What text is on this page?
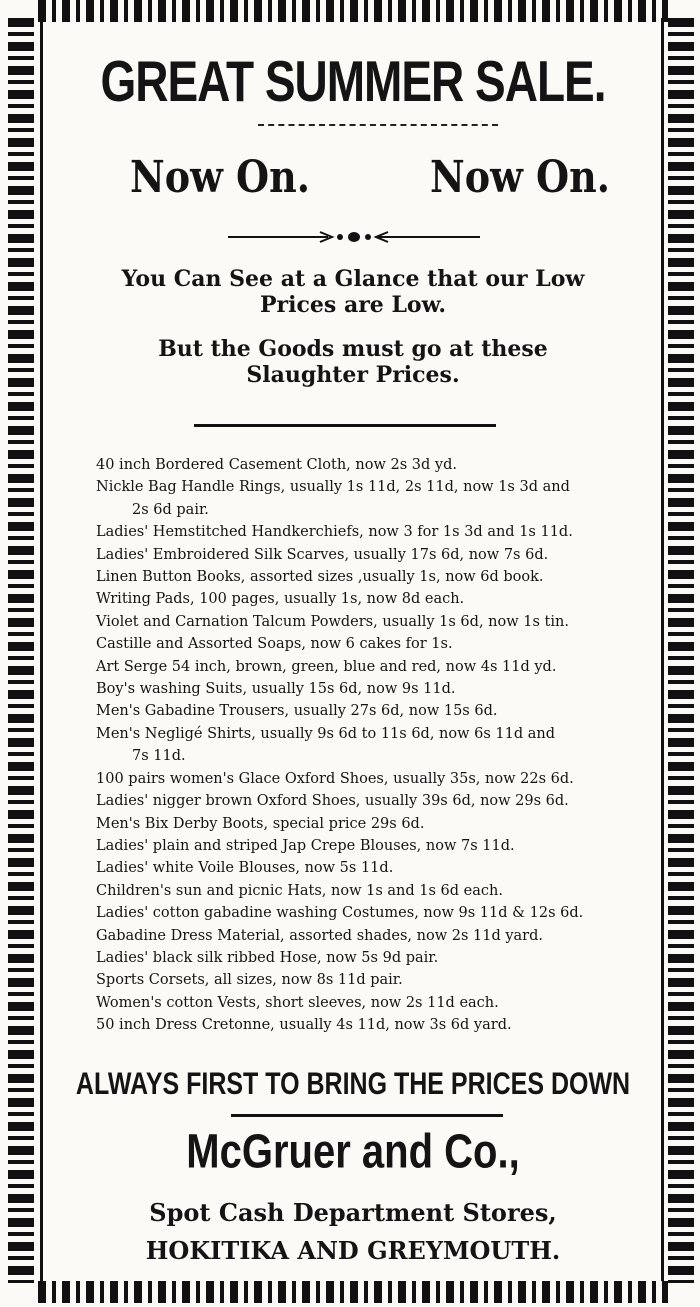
GREAT SUMMER SALE.
Now On.	Now On.
You Can See at a Glance that our Low
Prices are Low.
But the Goods must go at these
Slaughter Prices.
40 inch Bordered Casement Cloth, now 2s 3d yd.
Nickle Bag Handle Rings, usually 1s 11d, 2s 11d, now 1s 3d and
2s 6d pair.
Ladies' Hemstitched Handkerchiefs, now 3 for 1s 3d and 1s 11d.
Ladies' Embroidered Silk Scarves, usually 17s 6d, now 7s 6d.
Linen Button Books, assorted sizes ,usually 1s, now 6d book.
Writing Pads, 100 pages, usually 1s, now 8d each.
Violet and Carnation Talcum Powders, usually 1s 6d, now 1s tin.
Castille and Assorted Soaps, now 6 cakes for 1s.
Art Serge 54 inch, brown, green, blue and red, now 4s 11d yd.
Boy's washing Suits, usually 15s 6d, now 9s 11d.
Men's Gabadine Trousers, usually 27s 6d, now 15s 6d.
Men's Negligé Shirts, usually 9s 6d to 11s 6d, now 6s 11d and
7s 11d.
100 pairs women's Glace Oxford Shoes, usually 35s, now 22s 6d.
Ladies' nigger brown Oxford Shoes, usually 39s 6d, now 29s 6d.
Men's Bix Derby Boots, special price 29s 6d.
Ladies' plain and striped Jap Crepe Blouses, now 7s 11d.
Ladies' white Voile Blouses, now 5s 11d.
Children's sun and picnic Hats, now 1s and 1s 6d each.
Ladies' cotton gabadine washing Costumes, now 9s 11d & 12s 6d.
Gabadine Dress Material, assorted shades, now 2s 11d yard.
Ladies' black silk ribbed Hose, now 5s 9d pair.
Sports Corsets, all sizes, now 8s 11d pair.
Women's cotton Vests, short sleeves, now 2s 11d each.
50 inch Dress Cretonne, usually 4s 11d, now 3s 6d yard.
ALWAYS FIRST TO BRING THE PRICES DOWN
McGruer and Co.,
Spot Cash Department Stores,
HOKITIKA AND GREYMOUTH.
